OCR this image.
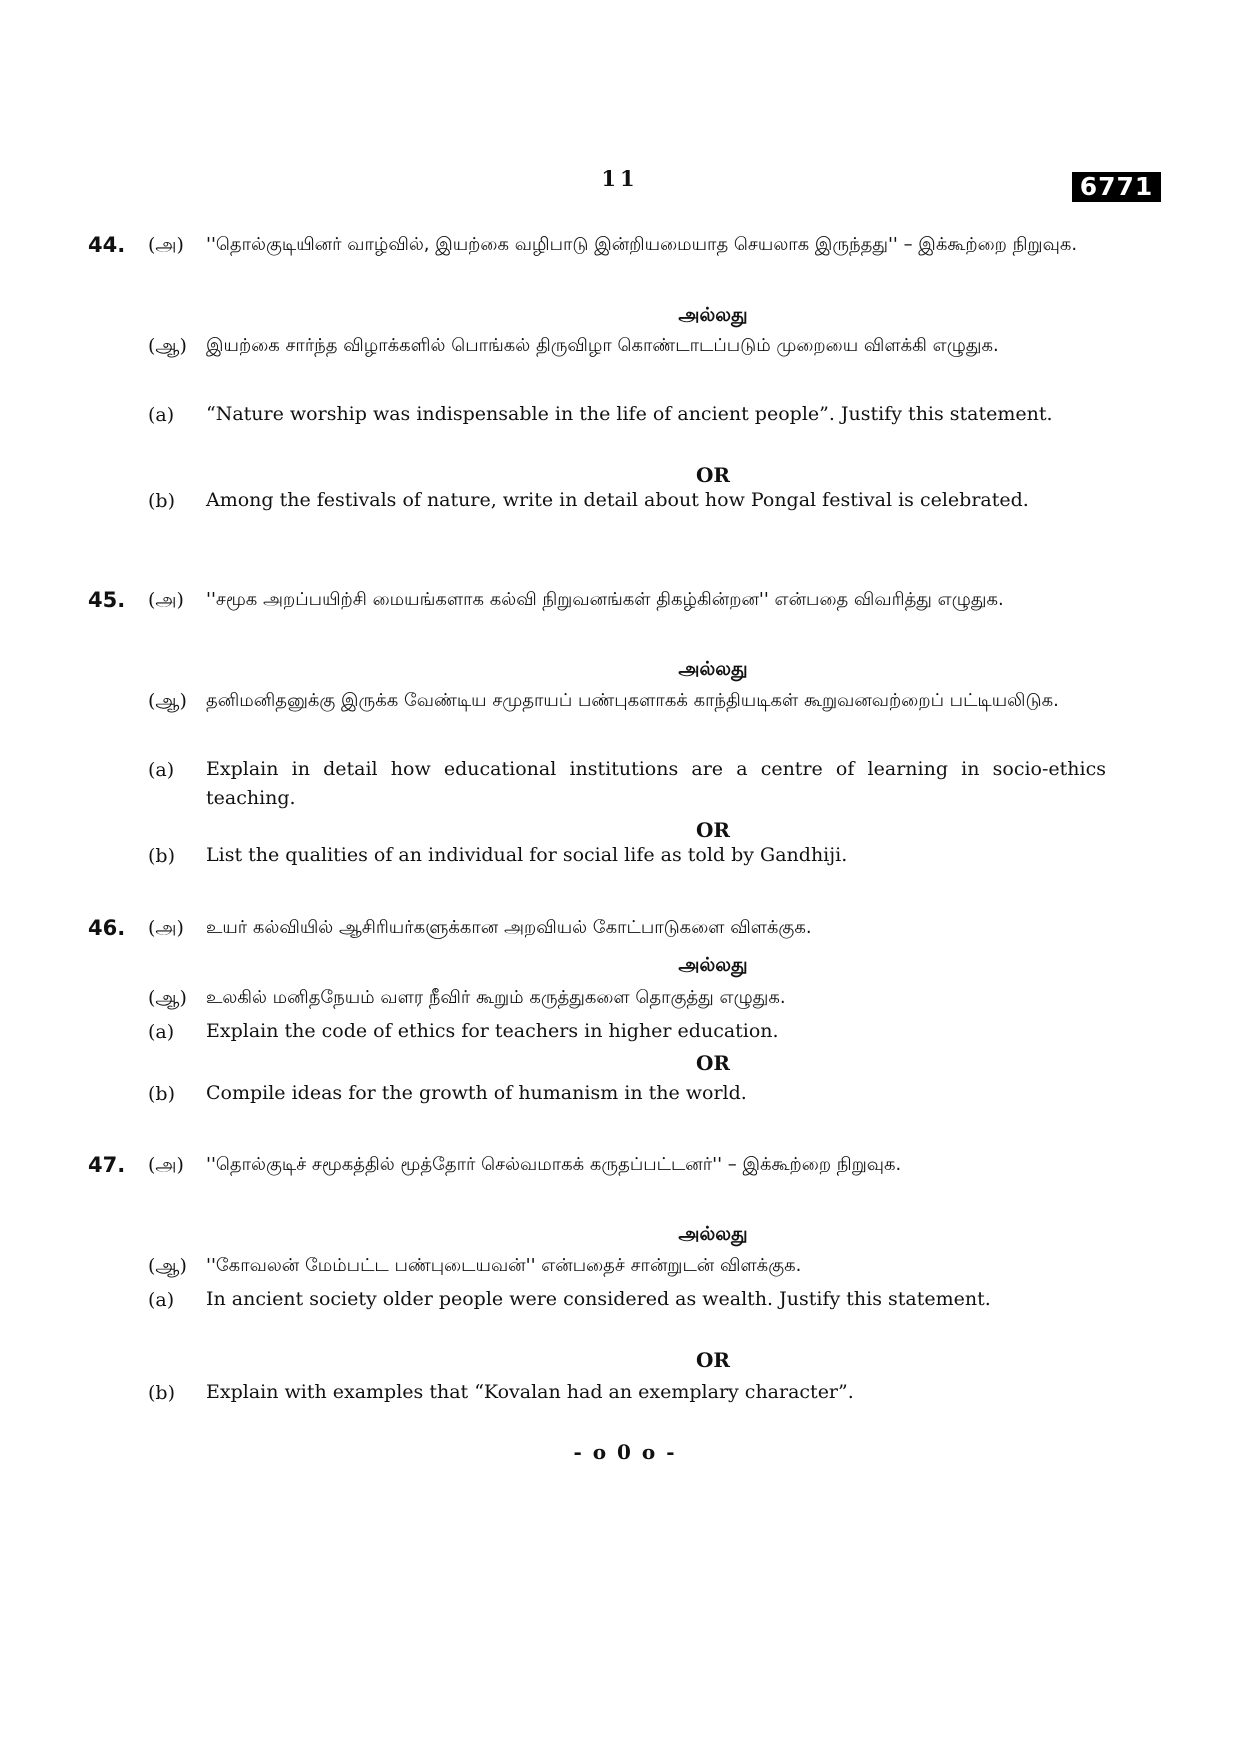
11	6771
44. (அ) ''தொல்குடியினர் வாழ்வில், இயற்கை வழிபாடு இன்றியமையாத செயலாக இருந்தது'' – இக்கூற்றை நிறுவுக.
அல்லது
(ஆ) இயற்கை சார்ந்த விழாக்களில் பொங்கல் திருவிழா கொண்டாடப்படும் முறையை விளக்கி எழுதுக.
(a) “Nature worship was indispensable in the life of ancient people”. Justify this statement.
OR
(b) Among the festivals of nature, write in detail about how Pongal festival is celebrated.
45. (அ) ''சமூக அறப்பயிற்சி மையங்களாக கல்வி நிறுவனங்கள் திகழ்கின்றன'' என்பதை விவரித்து எழுதுக.
அல்லது
(ஆ) தனிமனிதனுக்கு இருக்க வேண்டிய சமுதாயப் பண்புகளாகக் காந்தியடிகள் கூறுவனவற்றைப் பட்டியலிடுக.
(a) Explain in detail how educational institutions are a centre of learning in socio-ethics teaching.
OR
(b) List the qualities of an individual for social life as told by Gandhiji.
46. (அ) உயர் கல்வியில் ஆசிரியர்களுக்கான அறவியல் கோட்பாடுகளை விளக்குக.
அல்லது
(ஆ) உலகில் மனிதநேயம் வளர நீவிர் கூறும் கருத்துகளை தொகுத்து எழுதுக.
(a) Explain the code of ethics for teachers in higher education.
OR
(b) Compile ideas for the growth of humanism in the world.
47. (அ) ''தொல்குடிச் சமூகத்தில் மூத்தோர் செல்வமாகக் கருதப்பட்டனர்'' – இக்கூற்றை நிறுவுக.
அல்லது
(ஆ) ''கோவலன் மேம்பட்ட பண்புடையவன்'' என்பதைச் சான்றுடன் விளக்குக.
(a) In ancient society older people were considered as wealth. Justify this statement.
OR
(b) Explain with examples that “Kovalan had an exemplary character”.
- o 0 o -
